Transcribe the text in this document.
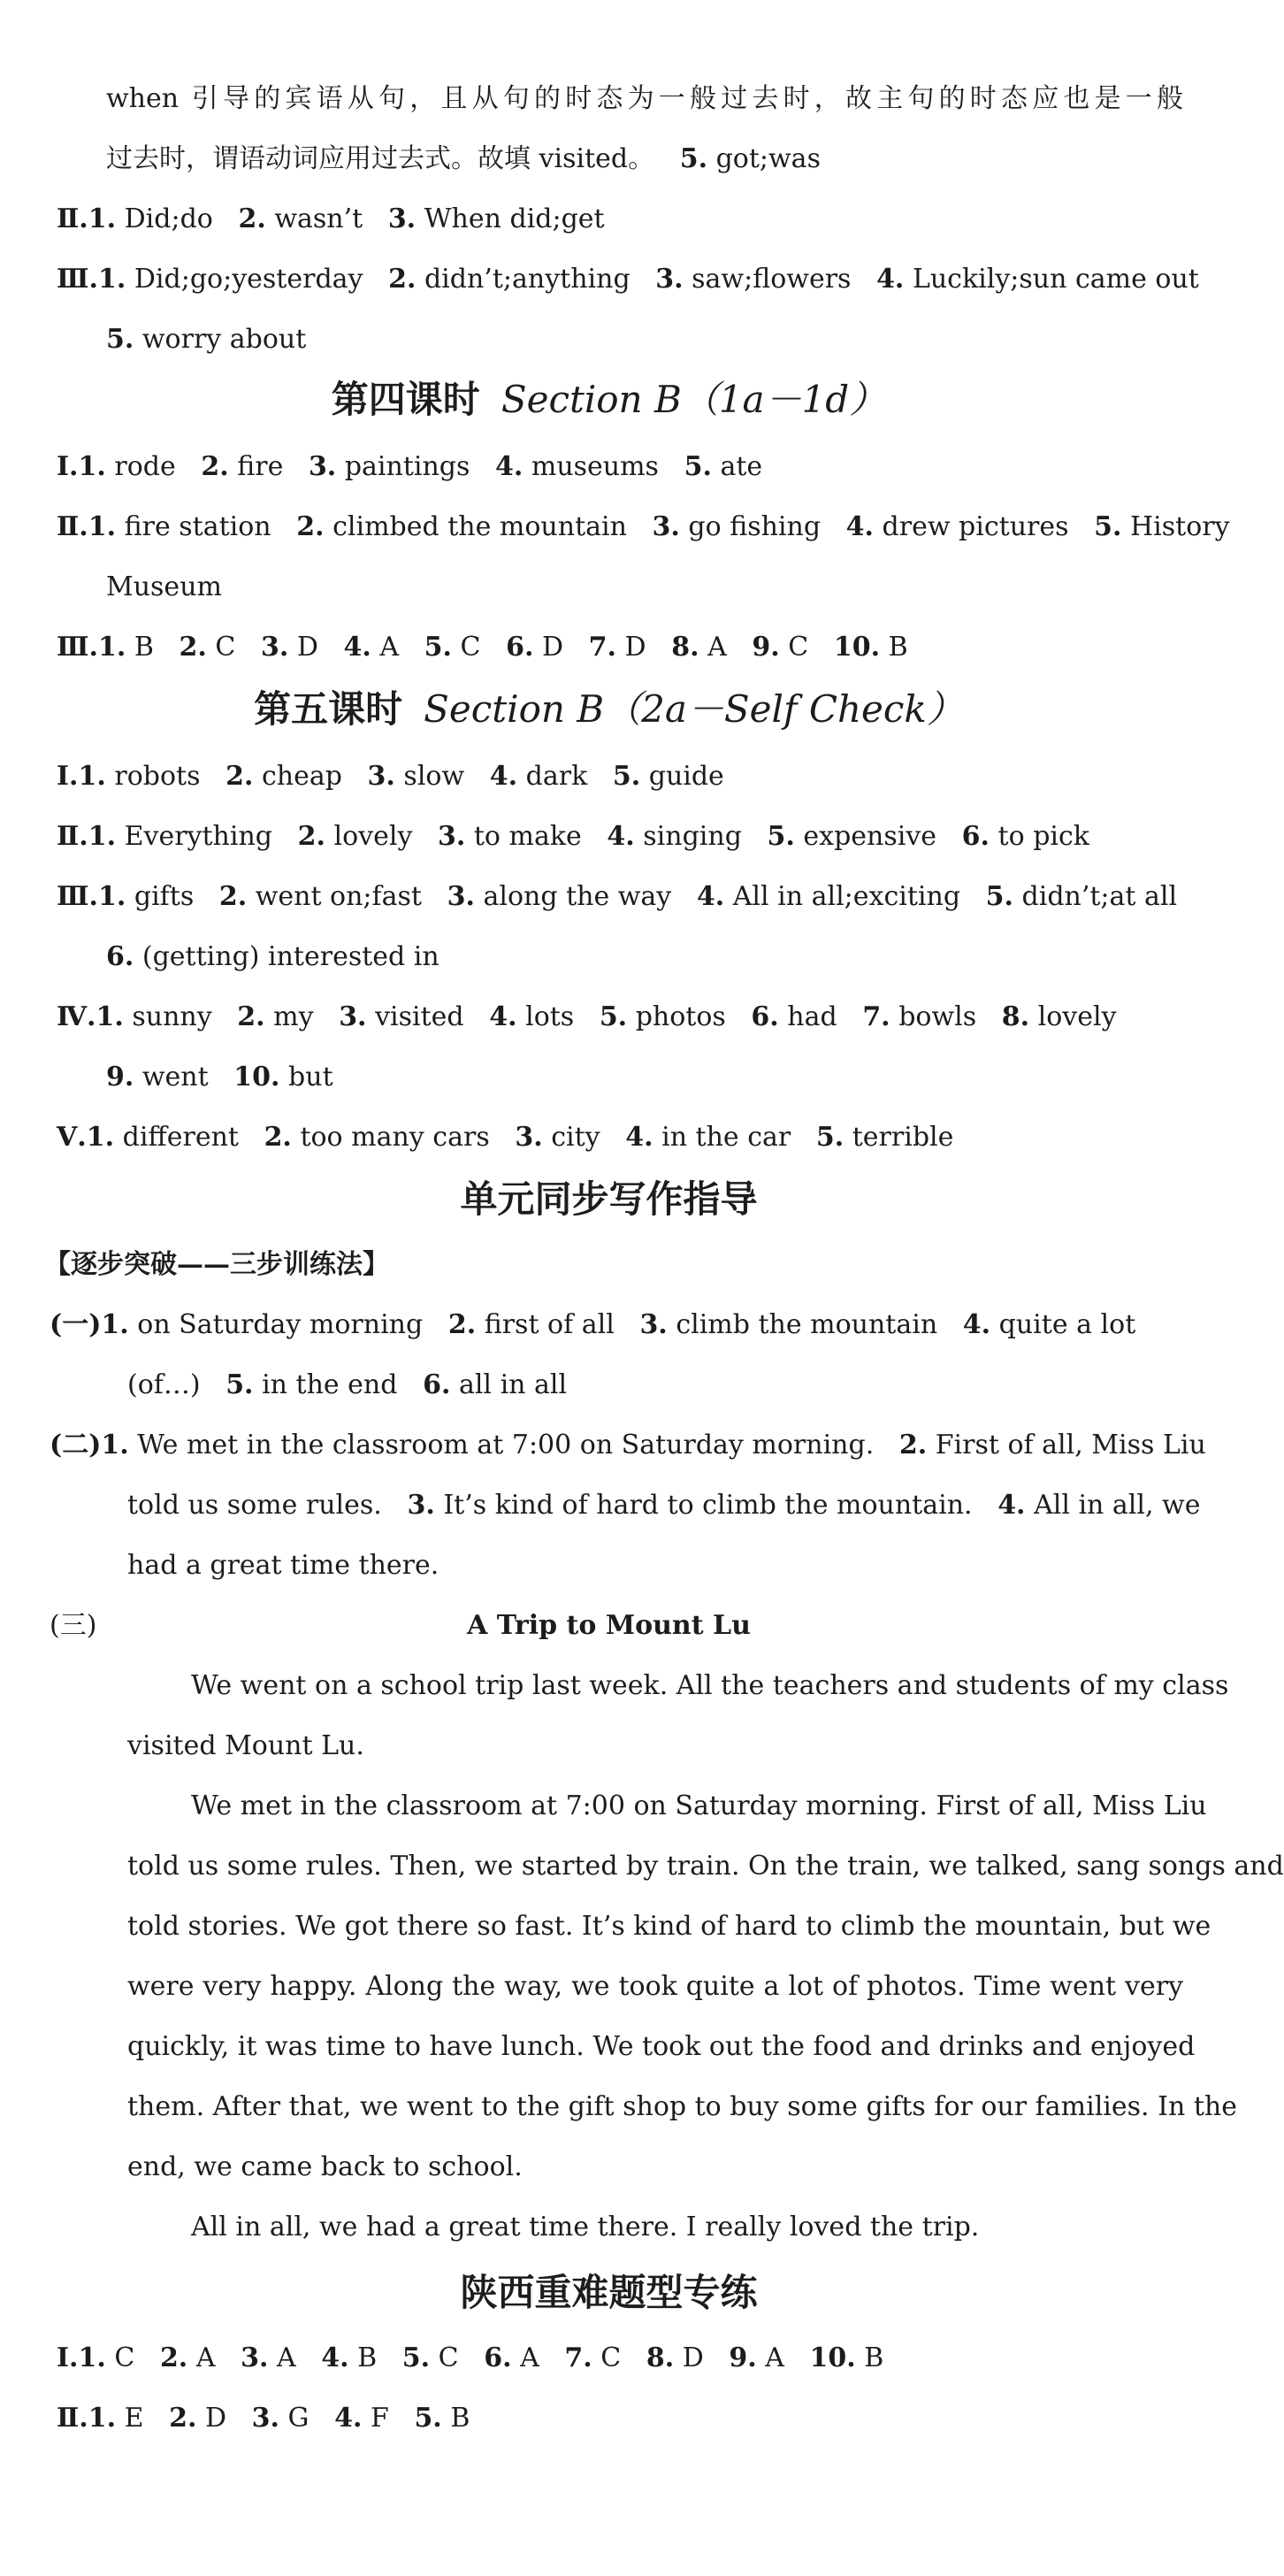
when 引导的宾语从句，且从句的时态为一般过去时，故主句的时态应也是一般
过去时，谓语动词应用过去式。故填 visited。 5. got;was
Ⅱ.1. Did;do 2. wasn’t 3. When did;get
Ⅲ.1. Did;go;yesterday 2. didn’t;anything 3. saw;flowers 4. Luckily;sun came out
5. worry about
第四课时 Section B（1a－1d）
Ⅰ.1. rode 2. fire 3. paintings 4. museums 5. ate
Ⅱ.1. fire station 2. climbed the mountain 3. go fishing 4. drew pictures 5. History
Museum
Ⅲ.1. B 2. C 3. D 4. A 5. C 6. D 7. D 8. A 9. C 10. B
第五课时 Section B（2a－Self Check）
Ⅰ.1. robots 2. cheap 3. slow 4. dark 5. guide
Ⅱ.1. Everything 2. lovely 3. to make 4. singing 5. expensive 6. to pick
Ⅲ.1. gifts 2. went on;fast 3. along the way 4. All in all;exciting 5. didn’t;at all
6. (getting) interested in
Ⅳ.1. sunny 2. my 3. visited 4. lots 5. photos 6. had 7. bowls 8. lovely
9. went 10. but
Ⅴ.1. different 2. too many cars 3. city 4. in the car 5. terrible
单元同步写作指导
【逐步突破——三步训练法】
(一)1. on Saturday morning 2. first of all 3. climb the mountain 4. quite a lot
(of…) 5. in the end 6. all in all
(二)1. We met in the classroom at 7:00 on Saturday morning. 2. First of all, Miss Liu
told us some rules. 3. It’s kind of hard to climb the mountain. 4. All in all, we
had a great time there.
(三)	A Trip to Mount Lu
We went on a school trip last week. All the teachers and students of my class
visited Mount Lu.
We met in the classroom at 7:00 on Saturday morning. First of all, Miss Liu
told us some rules. Then, we started by train. On the train, we talked, sang songs and
told stories. We got there so fast. It’s kind of hard to climb the mountain, but we
were very happy. Along the way, we took quite a lot of photos. Time went very
quickly, it was time to have lunch. We took out the food and drinks and enjoyed
them. After that, we went to the gift shop to buy some gifts for our families. In the
end, we came back to school.
All in all, we had a great time there. I really loved the trip.
陕西重难题型专练
Ⅰ.1. C 2. A 3. A 4. B 5. C 6. A 7. C 8. D 9. A 10. B
Ⅱ.1. E 2. D 3. G 4. F 5. B
